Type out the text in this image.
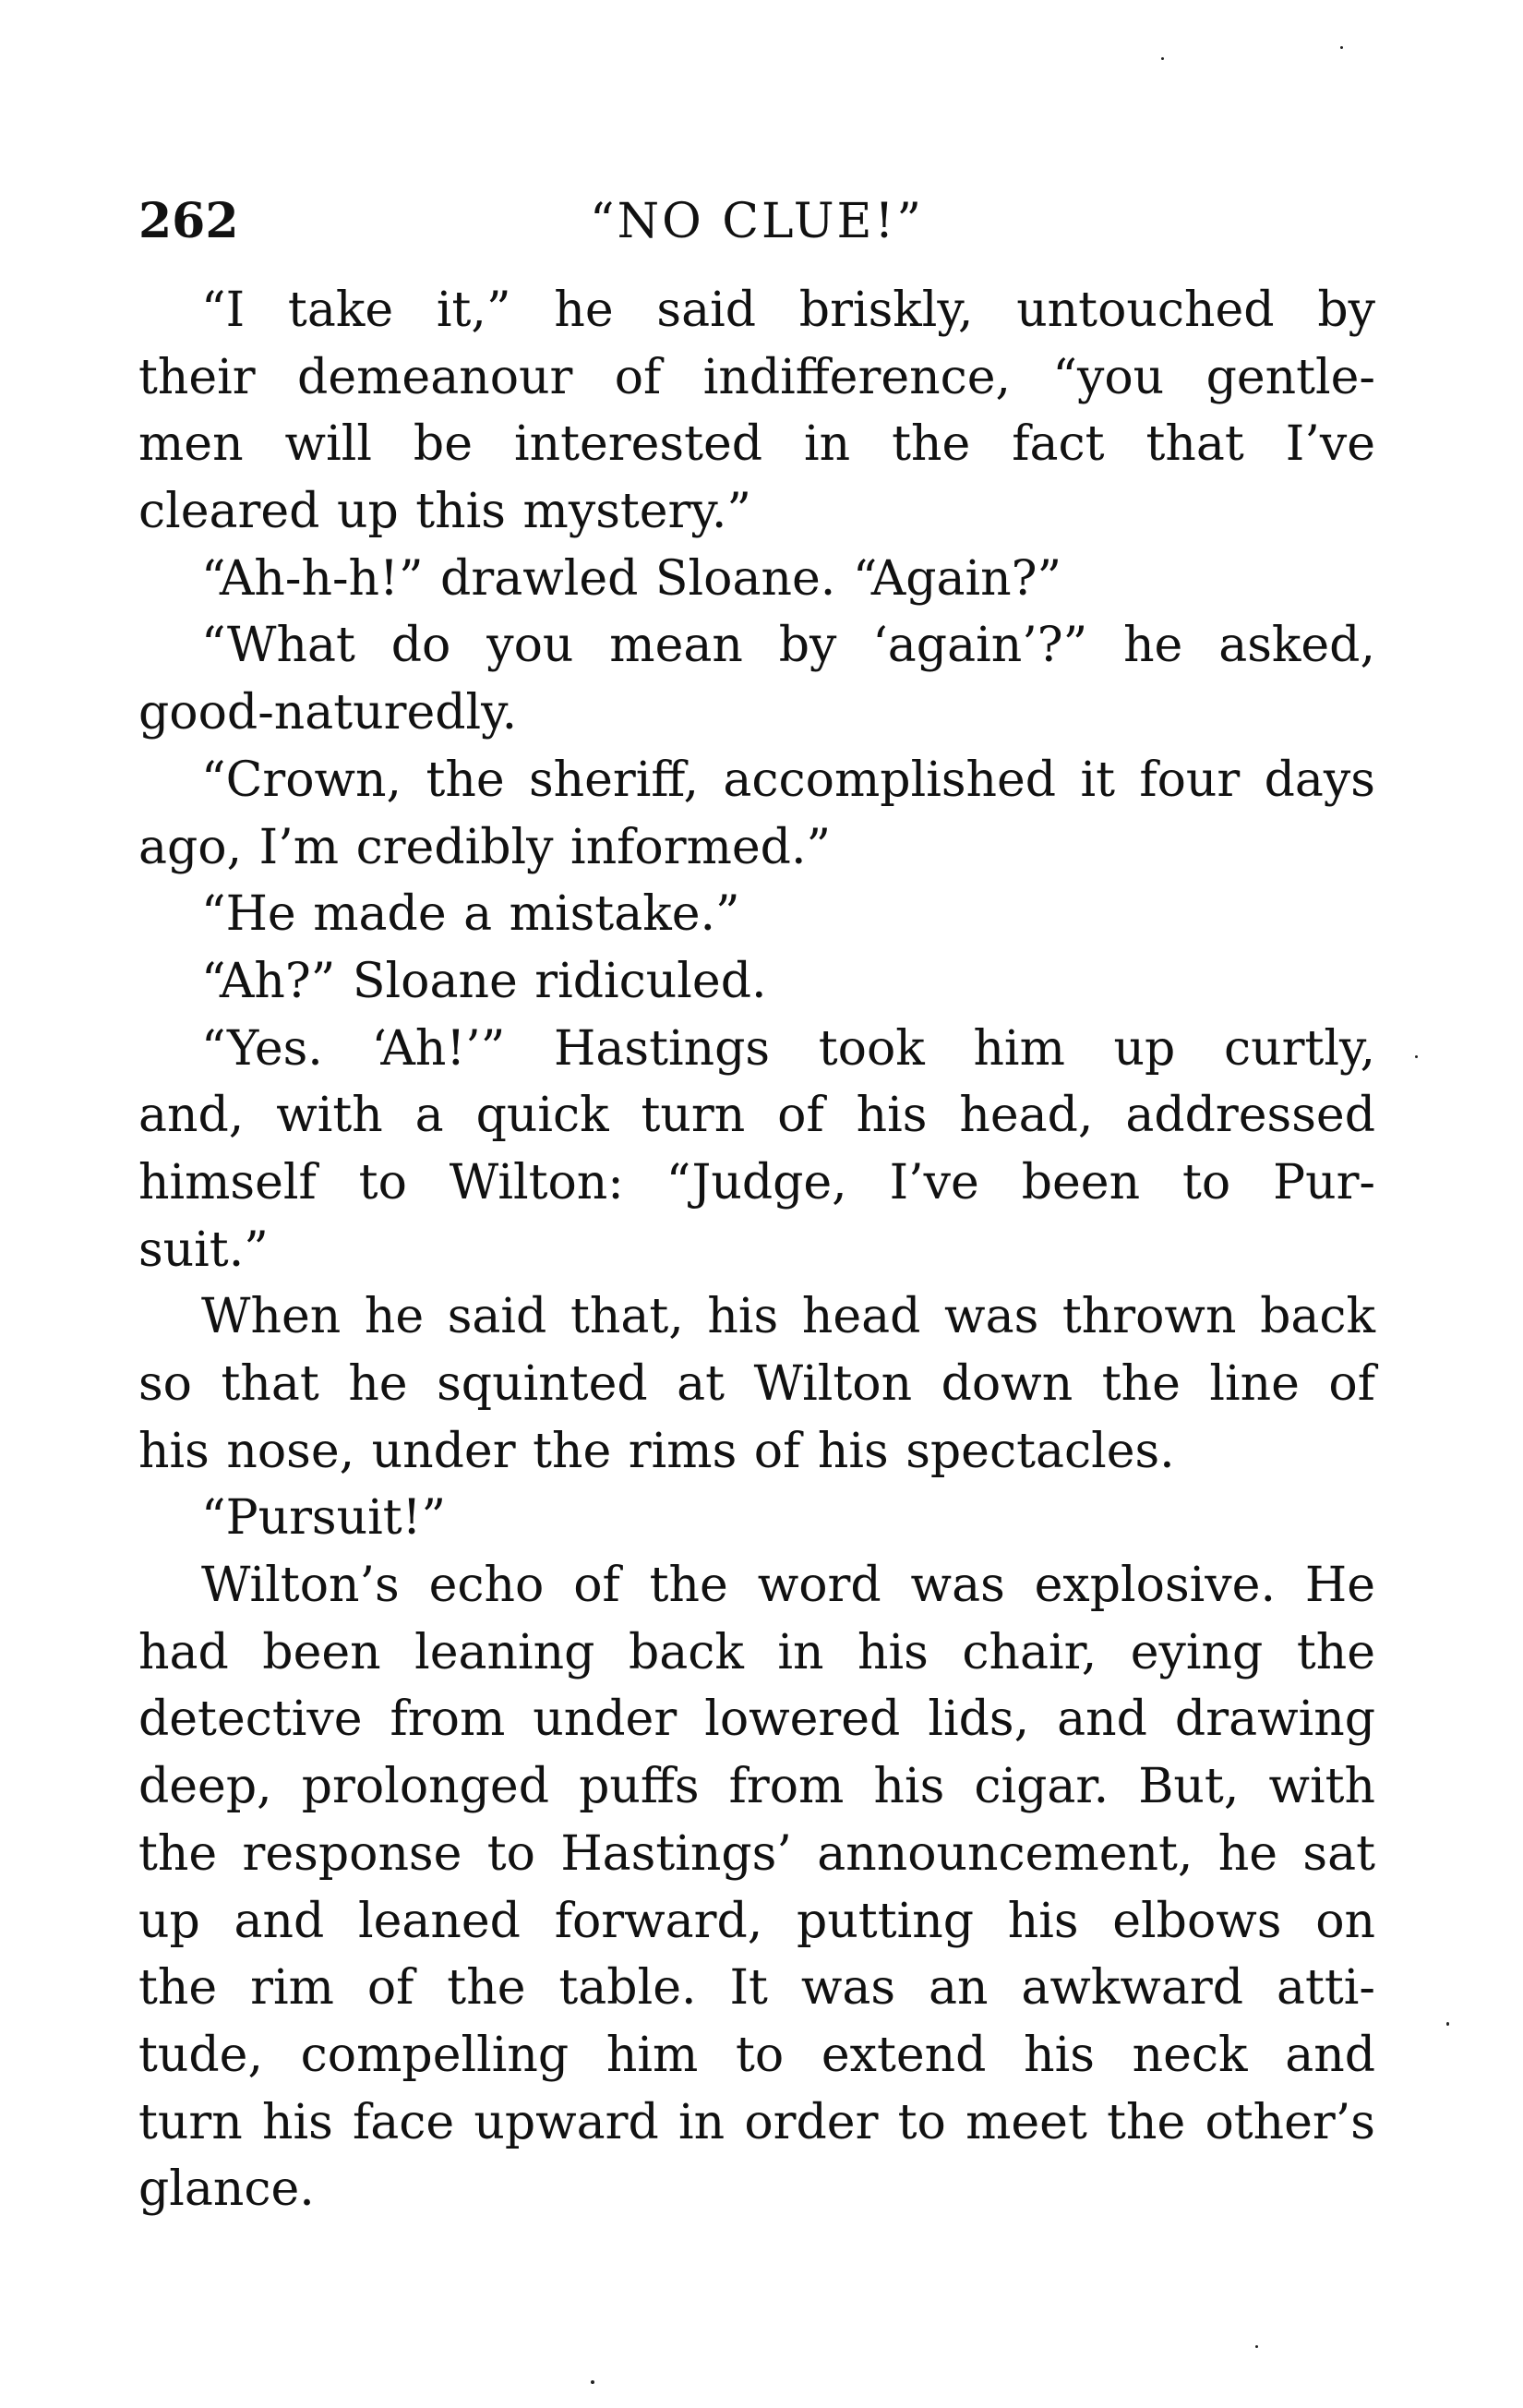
262	“NO CLUE!”
“I take it,” he said briskly, untouched by
their demeanour of indifference, “you gentle-
men will be interested in the fact that I’ve
cleared up this mystery.”
“Ah-h-h!” drawled Sloane. “Again?”
“What do you mean by ‘again’?” he asked,
good-naturedly.
“Crown, the sheriff, accomplished it four days
ago, I’m credibly informed.”
“He made a mistake.”
“Ah?” Sloane ridiculed.
“Yes. ‘Ah!’” Hastings took him up curtly,
and, with a quick turn of his head, addressed
himself to Wilton: “Judge, I’ve been to Pur-
suit.”
When he said that, his head was thrown back
so that he squinted at Wilton down the line of
his nose, under the rims of his spectacles.
“Pursuit!”
Wilton’s echo of the word was explosive. He
had been leaning back in his chair, eying the
detective from under lowered lids, and drawing
deep, prolonged puffs from his cigar. But, with
the response to Hastings’ announcement, he sat
up and leaned forward, putting his elbows on
the rim of the table. It was an awkward atti-
tude, compelling him to extend his neck and
turn his face upward in order to meet the other’s
glance.
